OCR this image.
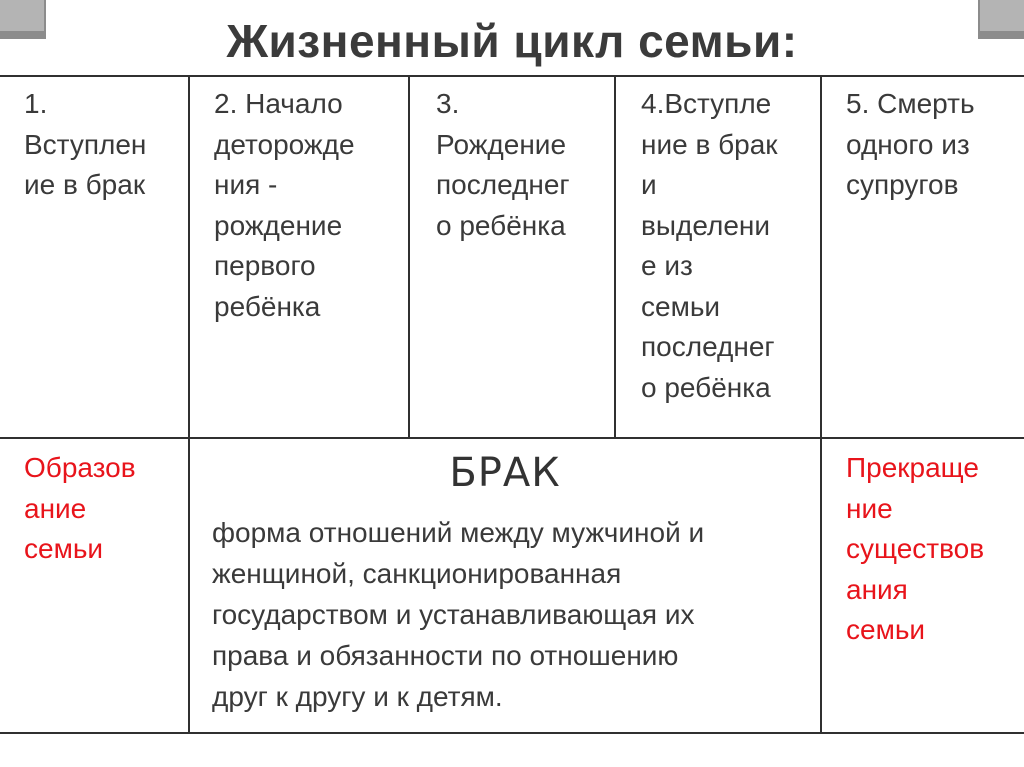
Жизненный цикл семьи:
1.
Вступлен
ие в брак
2. Начало
деторожде
ния -
рождение
первого
ребёнка
3.
Рождение
последнег
о ребёнка
4.Вступле
ние в брак
и
выделени
е из
семьи
последнег
о ребёнка
5. Смерть
одного из
супругов
Образов
ание
семьи
БРАК
форма отношений между мужчиной и
женщиной, санкционированная
государством и устанавливающая их
права и обязанности по отношению
друг к другу и к детям.
Прекраще
ние
существов
ания
семьи
